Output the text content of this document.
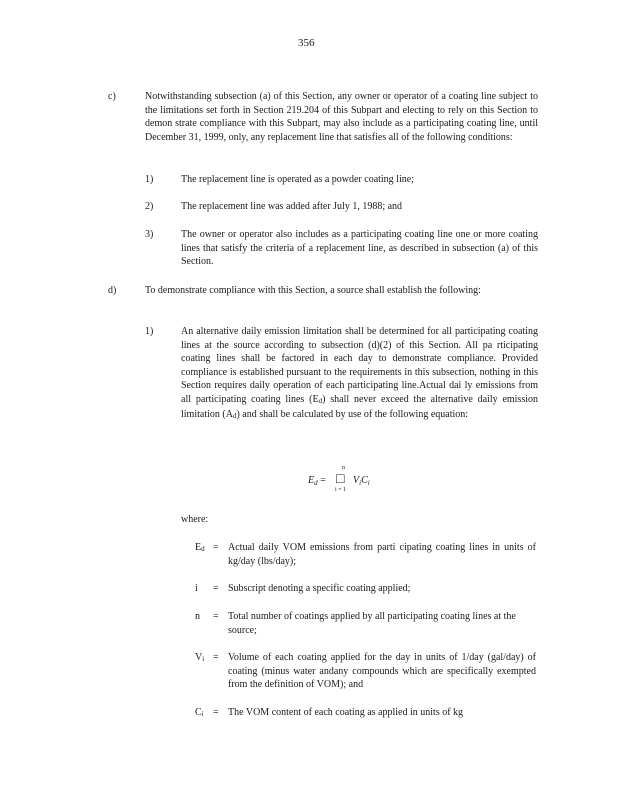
356
c)	Notwithstanding subsection (a) of this Section, any owner or operator of a coating line subject to the limitations set forth in Section 219.204 of this Subpart and electing to rely on this Section to demon strate compliance with this Subpart, may also include as a participating coating line, until December 31, 1999, only, any replacement line that satisfies all of the following conditions:
1)	The replacement line is operated as a powder coating line;
2)	The replacement line was added after July 1, 1988; and
3)	The owner or operator also includes as a participating coating line one or more coating lines that satisfy the criteria of a replacement line, as described in subsection (a) of this Section.
d)	To demonstrate compliance with this Section, a source shall establish the following:
1)	An alternative daily emission limitation shall be determined for all participating coating lines at the source according to subsection (d)(2) of this Section. All pa rticipating coating lines shall be factored in each day to demonstrate compliance. Provided compliance is established pursuant to the requirements in this subsection, nothing in this Section requires daily operation of each participating line.Actual dai ly emissions from all participating coating lines (Ed) shall never exceed the alternative daily emission limitation (Ad) and shall be calculated by use of the following equation:
$E_d$ = □
n
i = 1
$V_iC_i$
where:
Ed = Actual daily VOM emissions from parti cipating coating lines in units of kg/day (lbs/day);
i = Subscript denoting a specific coating applied;
n = Total number of coatings applied by all participating coating lines at the source;
Vi = Volume of each coating applied for the day in units of 1/day (gal/day) of coating (minus water andany compounds which are specifically exempted from the definition of VOM); and
Ci = The VOM content of each coating as applied in units of kg
